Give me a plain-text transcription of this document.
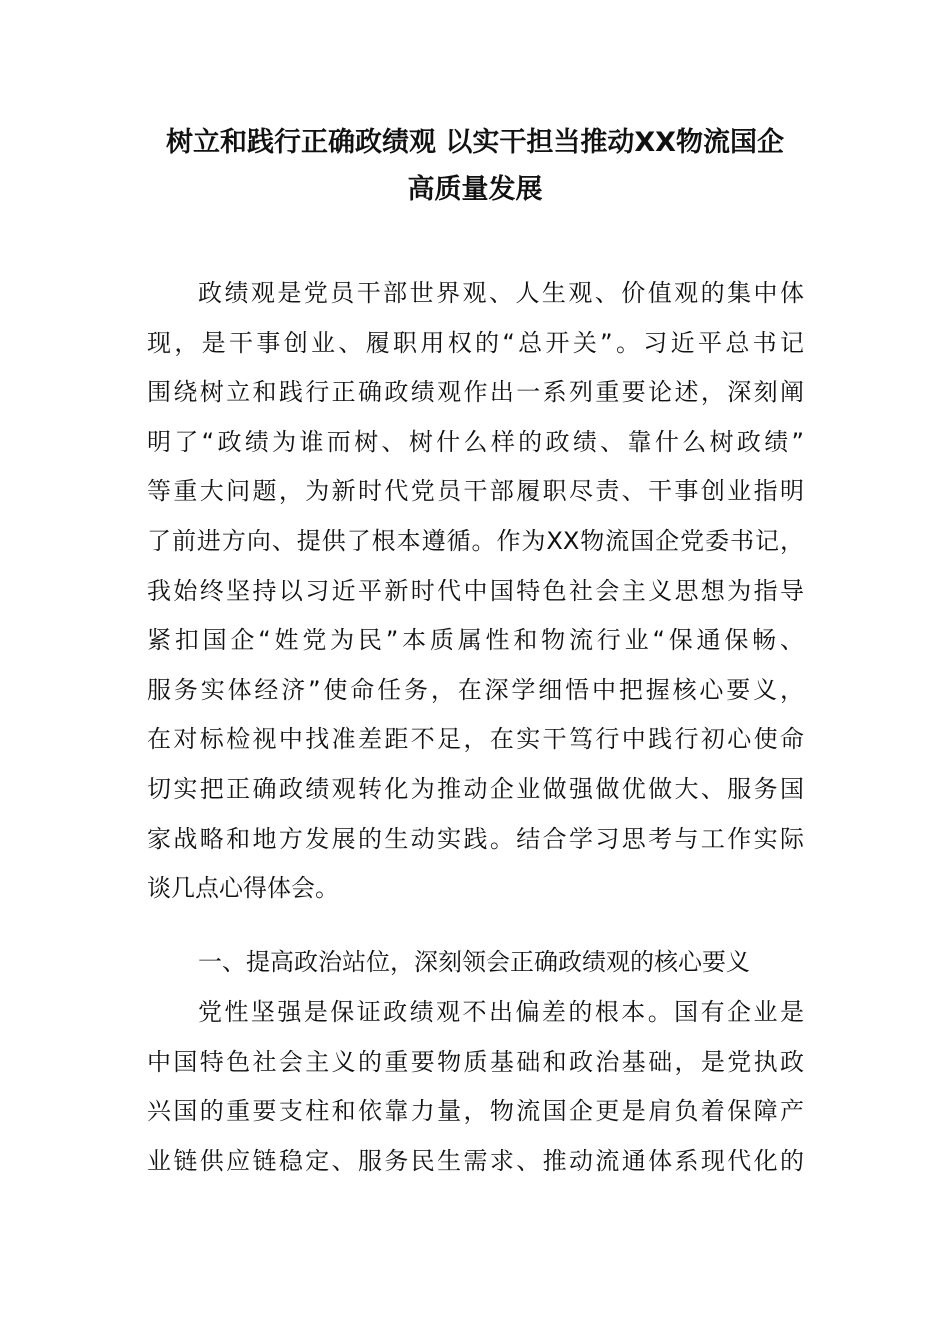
树立和践行正确政绩观 以实干担当推动XX物流国企
高质量发展
政绩观是党员干部世界观、人生观、价值观的集中体
现，是干事创业、履职用权的“总开关”。习近平总书记
围绕树立和践行正确政绩观作出一系列重要论述，深刻阐
明了“政绩为谁而树、树什么样的政绩、靠什么树政绩”
等重大问题，为新时代党员干部履职尽责、干事创业指明
了前进方向、提供了根本遵循。作为XX物流国企党委书记，
我始终坚持以习近平新时代中国特色社会主义思想为指导
紧扣国企“姓党为民”本质属性和物流行业“保通保畅、
服务实体经济”使命任务，在深学细悟中把握核心要义，
在对标检视中找准差距不足，在实干笃行中践行初心使命
切实把正确政绩观转化为推动企业做强做优做大、服务国
家战略和地方发展的生动实践。结合学习思考与工作实际
谈几点心得体会。
一、提高政治站位，深刻领会正确政绩观的核心要义
党性坚强是保证政绩观不出偏差的根本。国有企业是
中国特色社会主义的重要物质基础和政治基础，是党执政
兴国的重要支柱和依靠力量，物流国企更是肩负着保障产
业链供应链稳定、服务民生需求、推动流通体系现代化的
